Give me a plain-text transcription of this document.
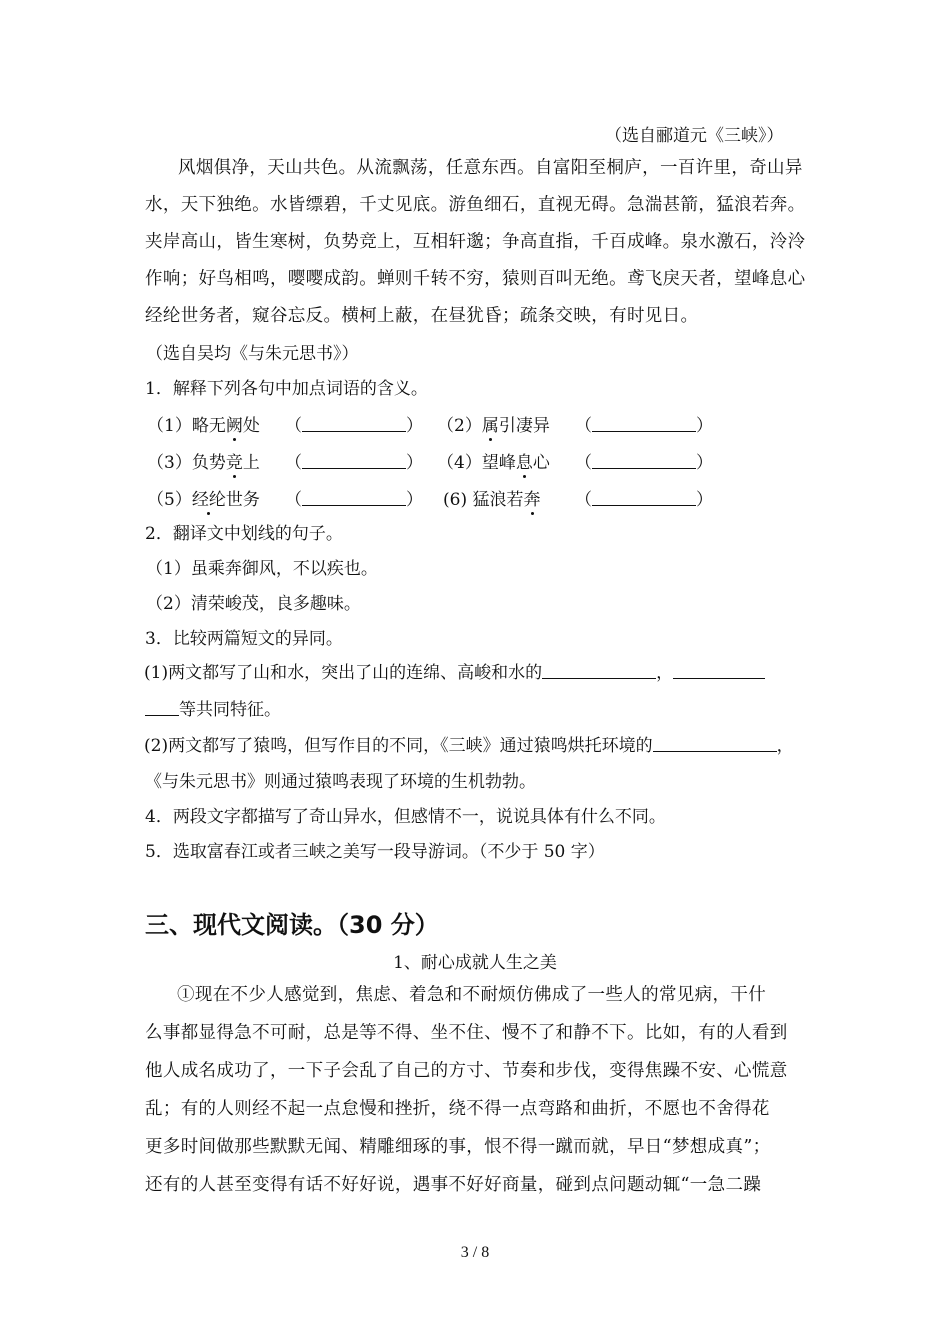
（选自郦道元《三峡》）
风烟俱净，天山共色。从流飘荡，任意东西。自富阳至桐庐，一百许里，奇山异
水，天下独绝。水皆缥碧，千丈见底。游鱼细石，直视无碍。急湍甚箭，猛浪若奔。
夹岸高山，皆生寒树，负势竞上，互相轩邈；争高直指，千百成峰。泉水激石，泠泠
作响；好鸟相鸣，嘤嘤成韵。蝉则千转不穷，猿则百叫无绝。鸢飞戾天者，望峰息心
经纶世务者，窥谷忘反。横柯上蔽，在昼犹昏；疏条交映，有时见日。
（选自吴均《与朱元思书》）
1．解释下列各句中加点词语的含义。
（1）略无阙处 （	） （2）属引凄异 （	）
（3）负势竞上 （	） （4）望峰息心 （	）
（5）经纶世务 （	） (6) 猛浪若奔 （	）
2．翻译文中划线的句子。
（1）虽乘奔御风，不以疾也。
（2）清荣峻茂，良多趣味。
3．比较两篇短文的异同。
(1)两文都写了山和水，突出了山的连绵、高峻和水的	，
等共同特征。
(2)两文都写了猿鸣，但写作目的不同，《三峡》通过猿鸣烘托环境的	，
《与朱元思书》则通过猿鸣表现了环境的生机勃勃。
4．两段文字都描写了奇山异水，但感情不一，说说具体有什么不同。
5．选取富春江或者三峡之美写一段导游词。（不少于 50 字）
三、现代文阅读。（30 分）
1、耐心成就人生之美
①现在不少人感觉到，焦虑、着急和不耐烦仿佛成了一些人的常见病，干什
么事都显得急不可耐，总是等不得、坐不住、慢不了和静不下。比如，有的人看到
他人成名成功了，一下子会乱了自己的方寸、节奏和步伐，变得焦躁不安、心慌意
乱；有的人则经不起一点怠慢和挫折，绕不得一点弯路和曲折，不愿也不舍得花
更多时间做那些默默无闻、精雕细琢的事，恨不得一蹴而就，早日“梦想成真”；
还有的人甚至变得有话不好好说，遇事不好好商量，碰到点问题动辄“一急二躁
3 / 8
